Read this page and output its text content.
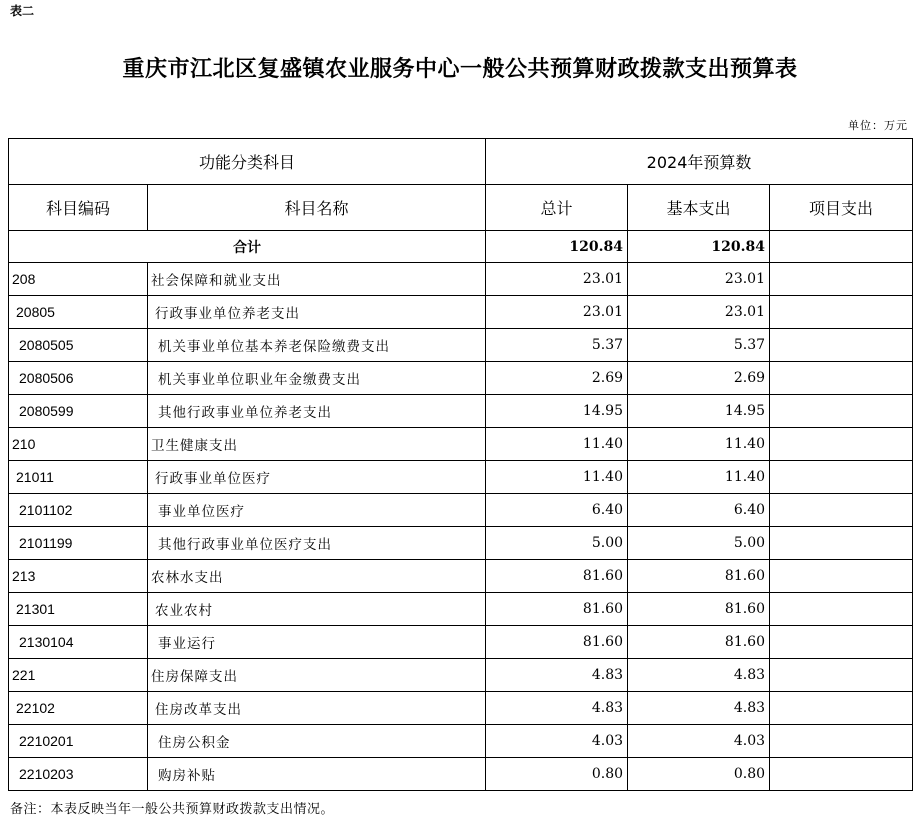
表二
重庆市江北区复盛镇农业服务中心一般公共预算财政拨款支出预算表
单位：万元
功能分类科目		2024年预算数		
科目编码	科目名称	总计	基本支出	项目支出
合计		120.84	120.84	
208	社会保障和就业支出	23.01	23.01	
20805	行政事业单位养老支出	23.01	23.01	
2080505	机关事业单位基本养老保险缴费支出	5.37	5.37	
2080506	机关事业单位职业年金缴费支出	2.69	2.69	
2080599	其他行政事业单位养老支出	14.95	14.95	
210	卫生健康支出	11.40	11.40	
21011	行政事业单位医疗	11.40	11.40	
2101102	事业单位医疗	6.40	6.40	
2101199	其他行政事业单位医疗支出	5.00	5.00	
213	农林水支出	81.60	81.60	
21301	农业农村	81.60	81.60	
2130104	事业运行	81.60	81.60	
221	住房保障支出	4.83	4.83	
22102	住房改革支出	4.83	4.83	
2210201	住房公积金	4.03	4.03	
2210203	购房补贴	0.80	0.80	
备注：本表反映当年一般公共预算财政拨款支出情况。
